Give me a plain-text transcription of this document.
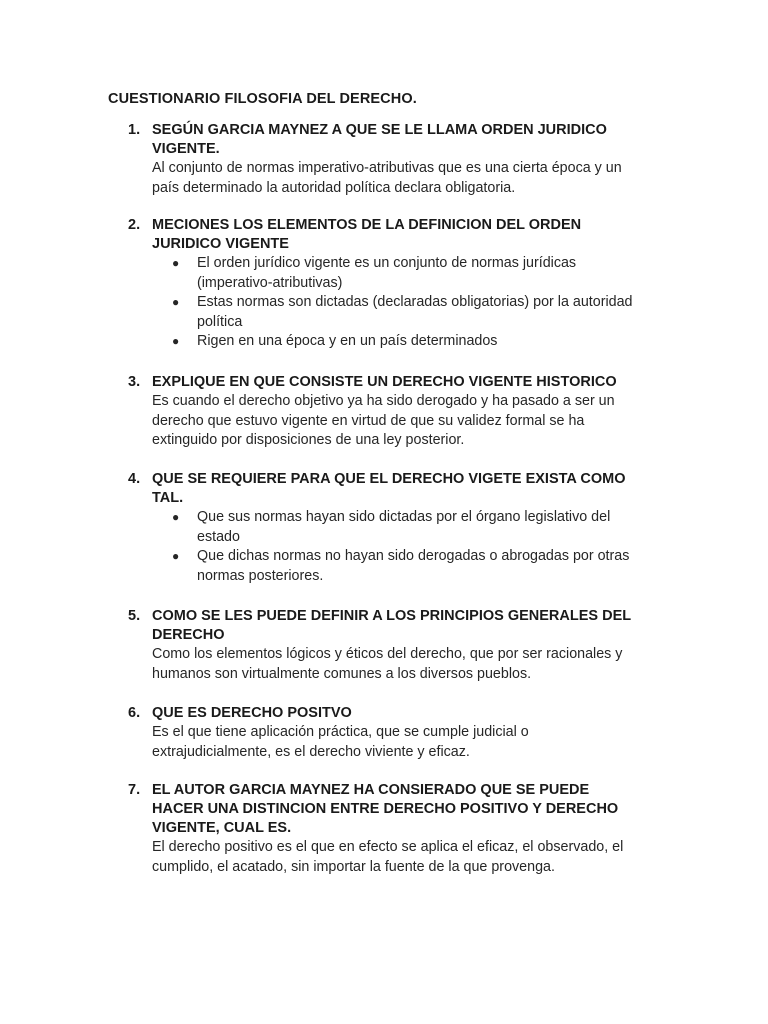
CUESTIONARIO FILOSOFIA DEL DERECHO.
1. SEGÚN GARCIA MAYNEZ A QUE SE LE LLAMA ORDEN JURIDICO
VIGENTE.
Al conjunto de normas imperativo-atributivas que es una cierta época y un
país determinado la autoridad política declara obligatoria.
2. MECIONES LOS ELEMENTOS DE LA DEFINICION DEL ORDEN
JURIDICO VIGENTE
●	El orden jurídico vigente es un conjunto de normas jurídicas
(imperativo-atributivas)
●	Estas normas son dictadas (declaradas obligatorias) por la autoridad
política
●	Rigen en una época y en un país determinados
3. EXPLIQUE EN QUE CONSISTE UN DERECHO VIGENTE HISTORICO
Es cuando el derecho objetivo ya ha sido derogado y ha pasado a ser un
derecho que estuvo vigente en virtud de que su validez formal se ha
extinguido por disposiciones de una ley posterior.
4. QUE SE REQUIERE PARA QUE EL DERECHO VIGETE EXISTA COMO
TAL.
●	Que sus normas hayan sido dictadas por el órgano legislativo del
estado
●	Que dichas normas no hayan sido derogadas o abrogadas por otras
normas posteriores.
5. COMO SE LES PUEDE DEFINIR A LOS PRINCIPIOS GENERALES DEL
DERECHO
Como los elementos lógicos y éticos del derecho, que por ser racionales y
humanos son virtualmente comunes a los diversos pueblos.
6. QUE ES DERECHO POSITVO
Es el que tiene aplicación práctica, que se cumple judicial o
extrajudicialmente, es el derecho viviente y eficaz.
7. EL AUTOR GARCIA MAYNEZ HA CONSIERADO QUE SE PUEDE
HACER UNA DISTINCION ENTRE DERECHO POSITIVO Y DERECHO
VIGENTE, CUAL ES.
El derecho positivo es el que en efecto se aplica el eficaz, el observado, el
cumplido, el acatado, sin importar la fuente de la que provenga.
